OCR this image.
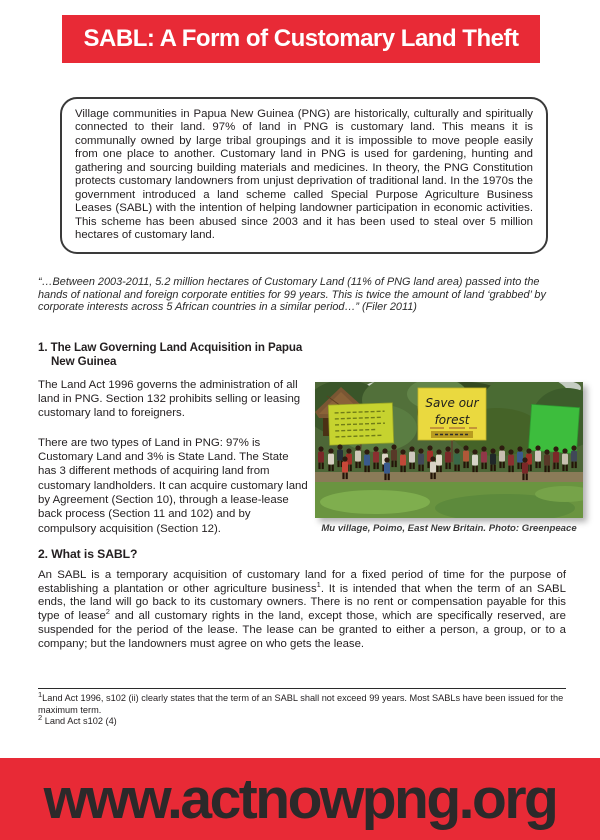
SABL: A Form of Customary Land Theft

Village communities in Papua New Guinea (PNG) are historically, culturally and spiritually connected to their land. 97% of land in PNG is customary land. This means it is communally owned by large tribal groupings and it is impossible to move people easily from one place to another. Customary land in PNG is used for gardening, hunting and gathering and sourcing building materials and medicines. In theory, the PNG Constitution protects customary landowners from unjust deprivation of traditional land. In the 1970s the government introduced a land scheme called Special Purpose Agriculture Business Leases (SABL) with the intention of helping landowner participation in economic activities. This scheme has been abused since 2003 and it has been used to steal over 5 million hectares of customary land.

“…Between 2003-2011, 5.2 million hectares of Customary Land (11% of PNG land area) passed into the hands of national and foreign corporate entities for 99 years. This is twice the amount of land ‘grabbed’ by corporate interests across 5 African countries in a similar period…” (Filer 2011)
1. The Law Governing Land Acquisition in Papua
New Guinea

The Land Act 1996 governs the administration of all land in PNG. Section 132 prohibits selling or leasing customary land to foreigners.

There are two types of Land in PNG: 97% is Customary Land and 3% is State Land. The State has 3 different methods of acquiring land from customary landholders. It can acquire customary land by Agreement (Section 10), through a lease-lease back process (Section 11 and 102) and by compulsory acquisition (Section 12).

Save our
forest
Mu village, Poimo, East New Britain. Photo: Greenpeace
2. What is SABL?

An SABL is a temporary acquisition of customary land for a fixed period of time for the purpose of establishing a plantation or other agriculture business$^1$. It is intended that when the term of an SABL ends, the land will go back to its customary owners. There is no rent or compensation payable for this type of lease$^2$ and all customary rights in the land, except those, which are specifically reserved, are suspended for the period of the lease. The lease can be granted to either a person, a group, or to a company; but the landowners must agree on who gets the lease.

$^1$Land Act 1996, s102 (ii) clearly states that the term of an SABL shall not exceed 99 years. Most SABLs have been issued for the maximum term.

$^2$ Land Act s102 (4)

www.actnowpng.org
